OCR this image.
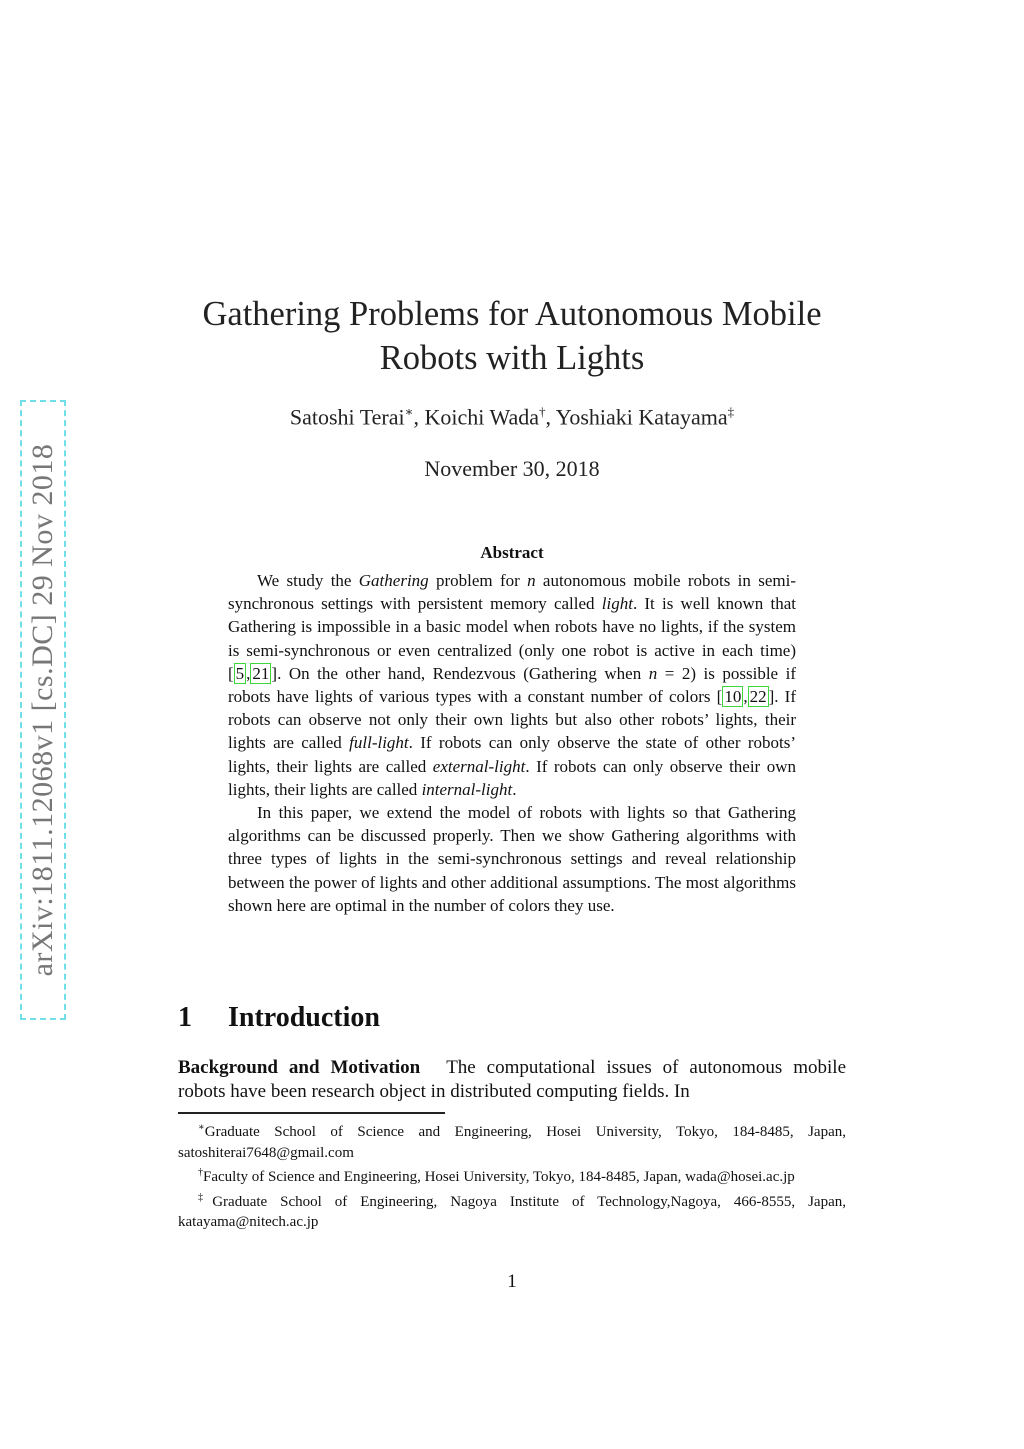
arXiv:1811.12068v1 [cs.DC] 29 Nov 2018
Gathering Problems for Autonomous Mobile
Robots with Lights
Satoshi Terai∗, Koichi Wada†, Yoshiaki Katayama‡
November 30, 2018
Abstract

We study the Gathering problem for n autonomous mobile robots in semi-synchronous settings with persistent memory called light. It is well known that Gathering is impossible in a basic model when robots have no lights, if the system is semi-synchronous or even centralized (only one robot is active in each time) [ 5 , 21 ]. On the other hand, Rendezvous (Gathering when n = 2) is possible if robots have lights of various types with a constant number of colors [ 10 , 22 ]. If robots can observe not only their own lights but also other robots’ lights, their lights are called full-light. If robots can only observe the state of other robots’ lights, their lights are called external-light. If robots can only observe their own lights, their lights are called internal-light.

In this paper, we extend the model of robots with lights so that Gathering algorithms can be discussed properly. Then we show Gathering algorithms with three types of lights in the semi-synchronous settings and reveal relationship between the power of lights and other additional assumptions. The most algorithms shown here are optimal in the number of colors they use.

1 Introduction

Background and Motivation The computational issues of autonomous mobile robots have been research object in distributed computing fields. In

∗Graduate School of Science and Engineering, Hosei University, Tokyo, 184-8485, Japan, satoshiterai7648@gmail.com

†Faculty of Science and Engineering, Hosei University, Tokyo, 184-8485, Japan, wada@hosei.ac.jp

‡Graduate School of Engineering, Nagoya Institute of Technology,Nagoya, 466-8555, Japan, katayama@nitech.ac.jp

1
